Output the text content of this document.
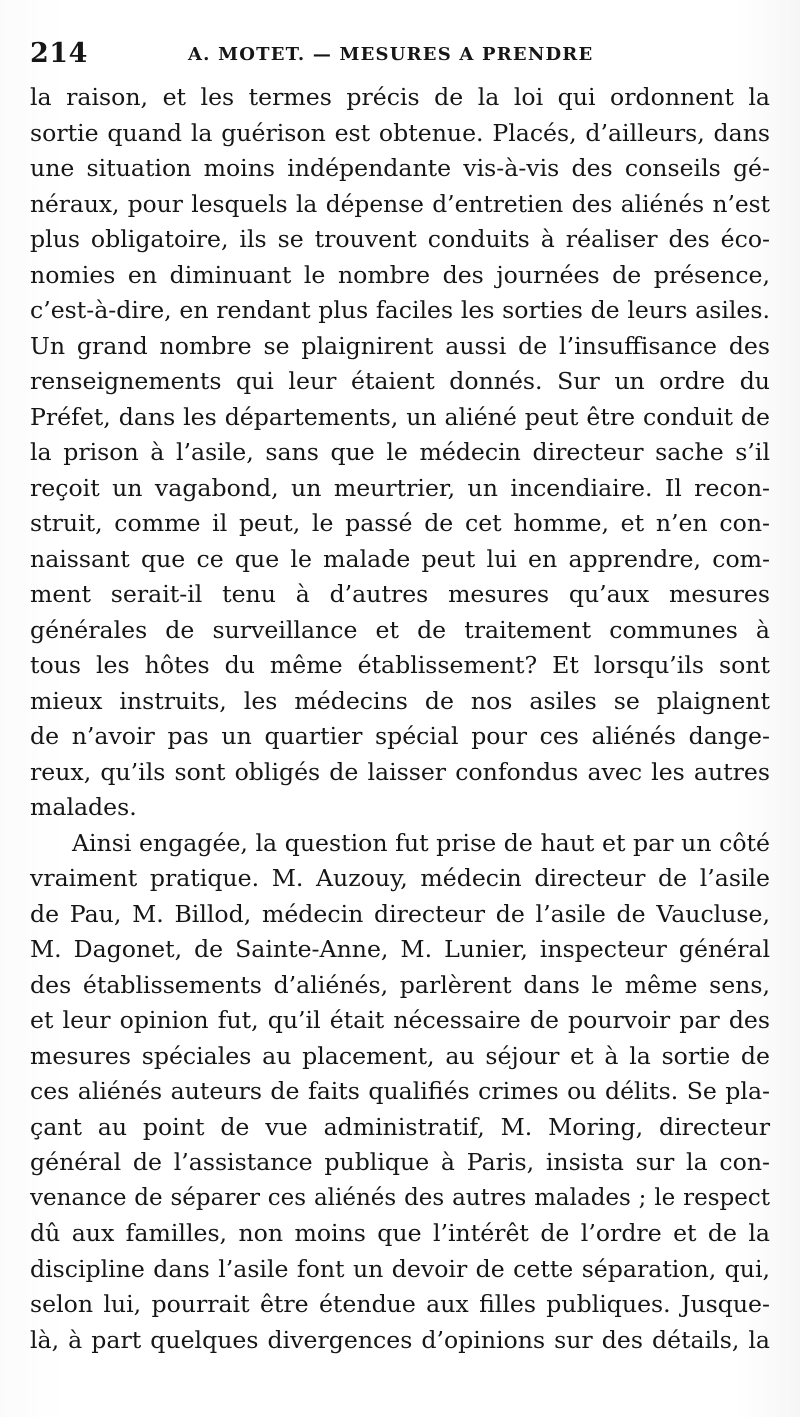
214	A. MOTET. — MESURES A PRENDRE
la raison, et les termes précis de la loi qui ordonnent la
sortie quand la guérison est obtenue. Placés, d’ailleurs, dans
une situation moins indépendante vis-à-vis des conseils gé-
néraux, pour lesquels la dépense d’entretien des aliénés n’est
plus obligatoire, ils se trouvent conduits à réaliser des éco-
nomies en diminuant le nombre des journées de présence,
c’est-à-dire, en rendant plus faciles les sorties de leurs asiles.
Un grand nombre se plaignirent aussi de l’insuffisance des
renseignements qui leur étaient donnés. Sur un ordre du
Préfet, dans les départements, un aliéné peut être conduit de
la prison à l’asile, sans que le médecin directeur sache s’il
reçoit un vagabond, un meurtrier, un incendiaire. Il recon-
struit, comme il peut, le passé de cet homme, et n’en con-
naissant que ce que le malade peut lui en apprendre, com-
ment serait-il tenu à d’autres mesures qu’aux mesures
générales de surveillance et de traitement communes à
tous les hôtes du même établissement? Et lorsqu’ils sont
mieux instruits, les médecins de nos asiles se plaignent
de n’avoir pas un quartier spécial pour ces aliénés dange-
reux, qu’ils sont obligés de laisser confondus avec les autres
malades.
Ainsi engagée, la question fut prise de haut et par un côté
vraiment pratique. M. Auzouy, médecin directeur de l’asile
de Pau, M. Billod, médecin directeur de l’asile de Vaucluse,
M. Dagonet, de Sainte-Anne, M. Lunier, inspecteur général
des établissements d’aliénés, parlèrent dans le même sens,
et leur opinion fut, qu’il était nécessaire de pourvoir par des
mesures spéciales au placement, au séjour et à la sortie de
ces aliénés auteurs de faits qualifiés crimes ou délits. Se pla-
çant au point de vue administratif, M. Moring, directeur
général de l’assistance publique à Paris, insista sur la con-
venance de séparer ces aliénés des autres malades ; le respect
dû aux familles, non moins que l’intérêt de l’ordre et de la
discipline dans l’asile font un devoir de cette séparation, qui,
selon lui, pourrait être étendue aux filles publiques. Jusque-
là, à part quelques divergences d’opinions sur des détails, la
